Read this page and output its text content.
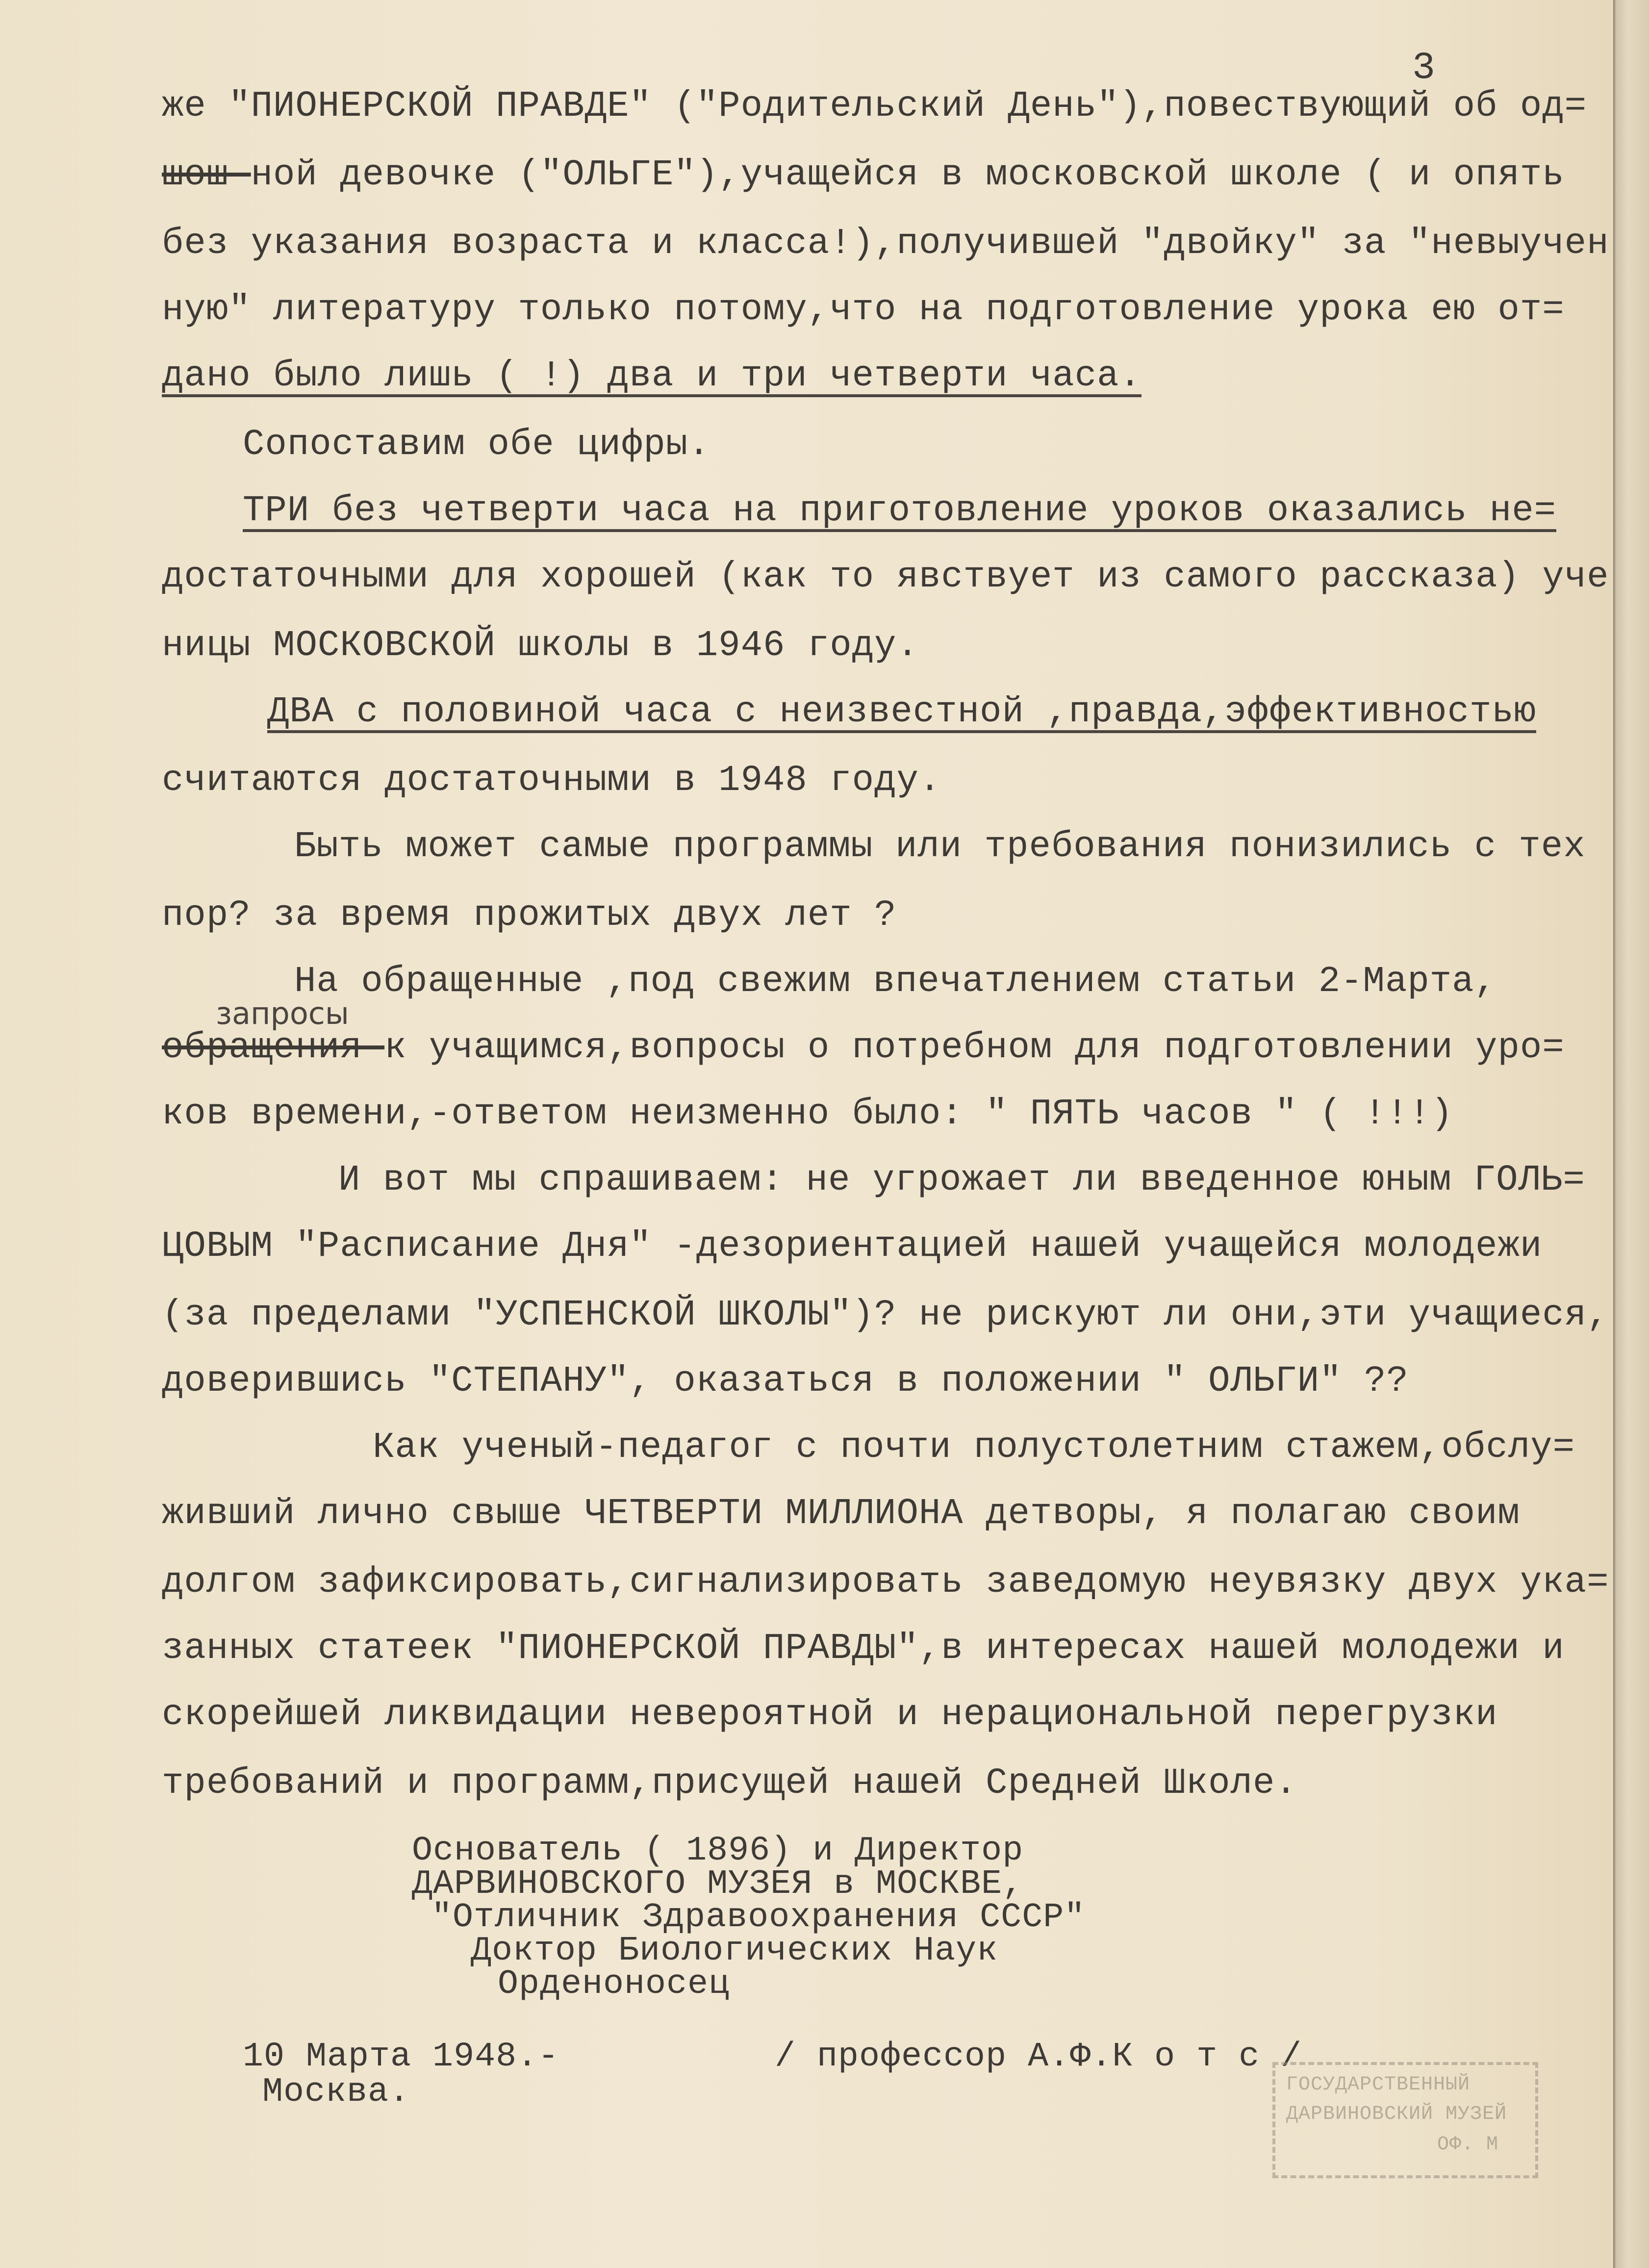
3
же "ПИОНЕРСКОЙ ПРАВДЕ" ("Родительский День"),повествующий об од=
шош ной девочке ("ОЛЬГЕ"),учащейся в московской школе ( и опять
без указания возраста и класса!),получившей "двойку" за "невыучен
ную" литературу только потому,что на подготовление урока ею от=
дано было лишь ( !) два и три четверти часа.
Сопоставим обе цифры.
ТРИ без четверти часа на приготовление уроков оказались не=
достаточными для хорошей (как то явствует из самого рассказа) уче
ницы МОСКОВСКОЙ школы в 1946 году.
ДВА с половиной часа с неизвестной ,правда,эффективностью
считаются достаточными в 1948 году.
Быть может самые программы или требования понизились с тех
пор? за время прожитых двух лет ?
На обращенные ,под свежим впечатлением статьи 2-Марта,
запросы
обращения к учащимся,вопросы о потребном для подготовлении уро=
ков времени,-ответом неизменно было: " ПЯТЬ часов " ( !!!)
И вот мы спрашиваем: не угрожает ли введенное юным ГОЛЬ=
ЦОВЫМ "Расписание Дня" -дезориентацией нашей учащейся молодежи
(за пределами "УСПЕНСКОЙ ШКОЛЫ")? не рискуют ли они,эти учащиеся,
доверившись "СТЕПАНУ", оказаться в положении " ОЛЬГИ" ??
Как ученый-педагог с почти полустолетним стажем,обслу=
живший лично свыше ЧЕТВЕРТИ МИЛЛИОНА детворы, я полагаю своим
долгом зафиксировать,сигнализировать заведомую неувязку двух ука=
занных статеек "ПИОНЕРСКОЙ ПРАВДЫ",в интересах нашей молодежи и
скорейшей ликвидации невероятной и нерациональной перегрузки
требований и программ,присущей нашей Средней Школе.
Основатель ( 1896) и Директор
ДАРВИНОВСКОГО МУЗЕЯ в МОСКВЕ,
"Отличник Здравоохранения СССР"
Доктор Биологических Наук
Орденоносец
10 Марта 1948.-
Москва.
/ профессор А.Ф.К о т с /
ГОСУДАРСТВЕННЫЙ
ДАРВИНОВСКИЙ МУЗЕЙ
ОФ. М
